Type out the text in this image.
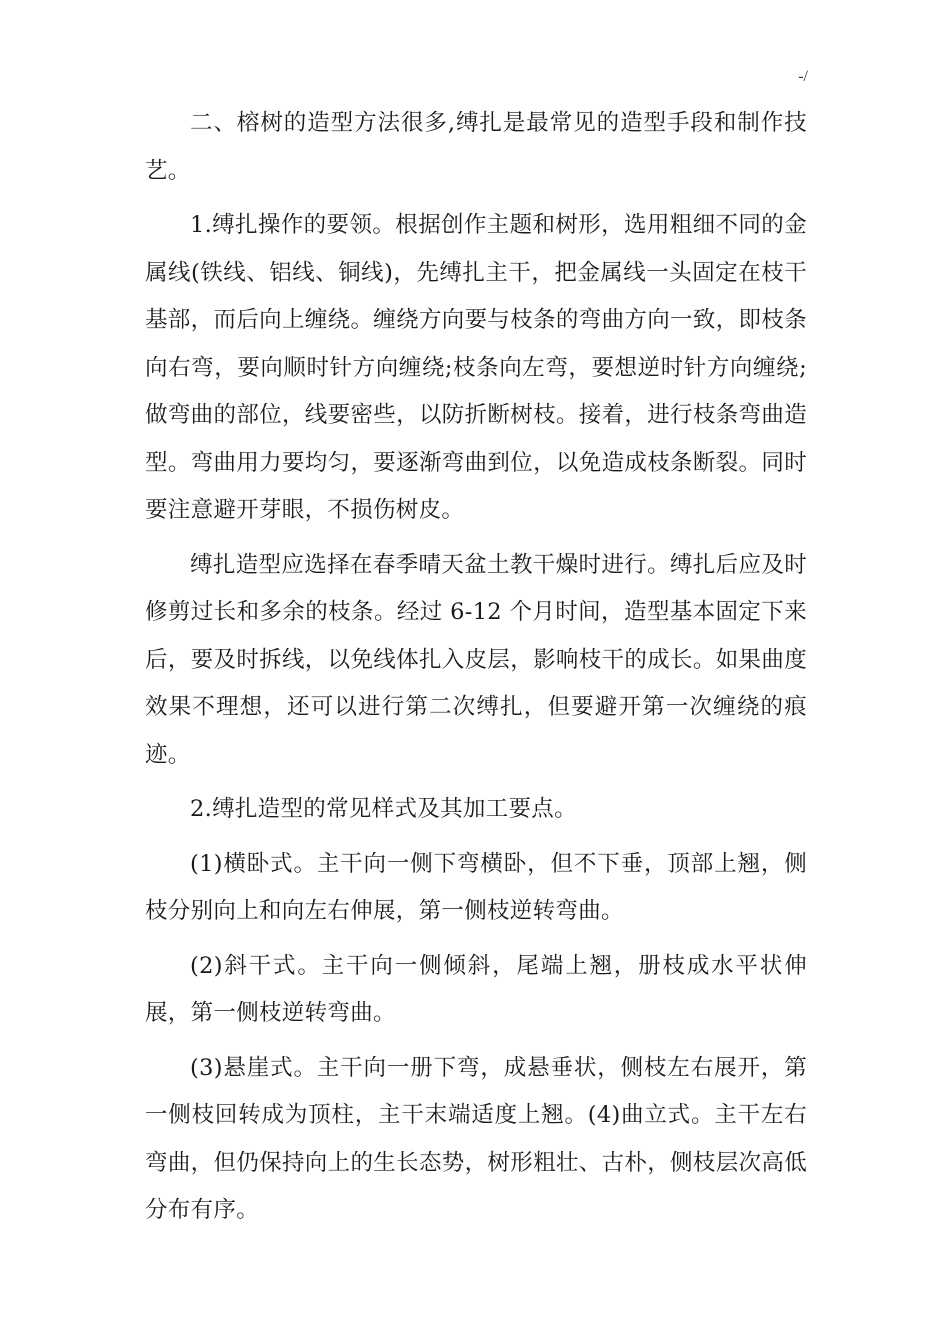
-/

二、榕树的造型方法很多,缚扎是最常见的造型手段和制作技艺。

1.缚扎操作的要领。根据创作主题和树形，选用粗细不同的金属线(铁线、铝线、铜线)，先缚扎主干，把金属线一头固定在枝干基部，而后向上缠绕。缠绕方向要与枝条的弯曲方向一致，即枝条向右弯，要向顺时针方向缠绕;枝条向左弯，要想逆时针方向缠绕;做弯曲的部位，线要密些，以防折断树枝。接着，进行枝条弯曲造型。弯曲用力要均匀，要逐渐弯曲到位，以免造成枝条断裂。同时要注意避开芽眼，不损伤树皮。

缚扎造型应选择在春季晴天盆土教干燥时进行。缚扎后应及时修剪过长和多余的枝条。经过 6-12 个月时间，造型基本固定下来后，要及时拆线，以免线体扎入皮层，影响枝干的成长。如果曲度效果不理想，还可以进行第二次缚扎，但要避开第一次缠绕的痕迹。

2.缚扎造型的常见样式及其加工要点。

(1)横卧式。主干向一侧下弯横卧，但不下垂，顶部上翘，侧枝分别向上和向左右伸展，第一侧枝逆转弯曲。

(2)斜干式。主干向一侧倾斜，尾端上翘，册枝成水平状伸展，第一侧枝逆转弯曲。

(3)悬崖式。主干向一册下弯，成悬垂状，侧枝左右展开，第一侧枝回转成为顶柱，主干末端适度上翘。(4)曲立式。主干左右弯曲，但仍保持向上的生长态势，树形粗壮、古朴，侧枝层次高低分布有序。
